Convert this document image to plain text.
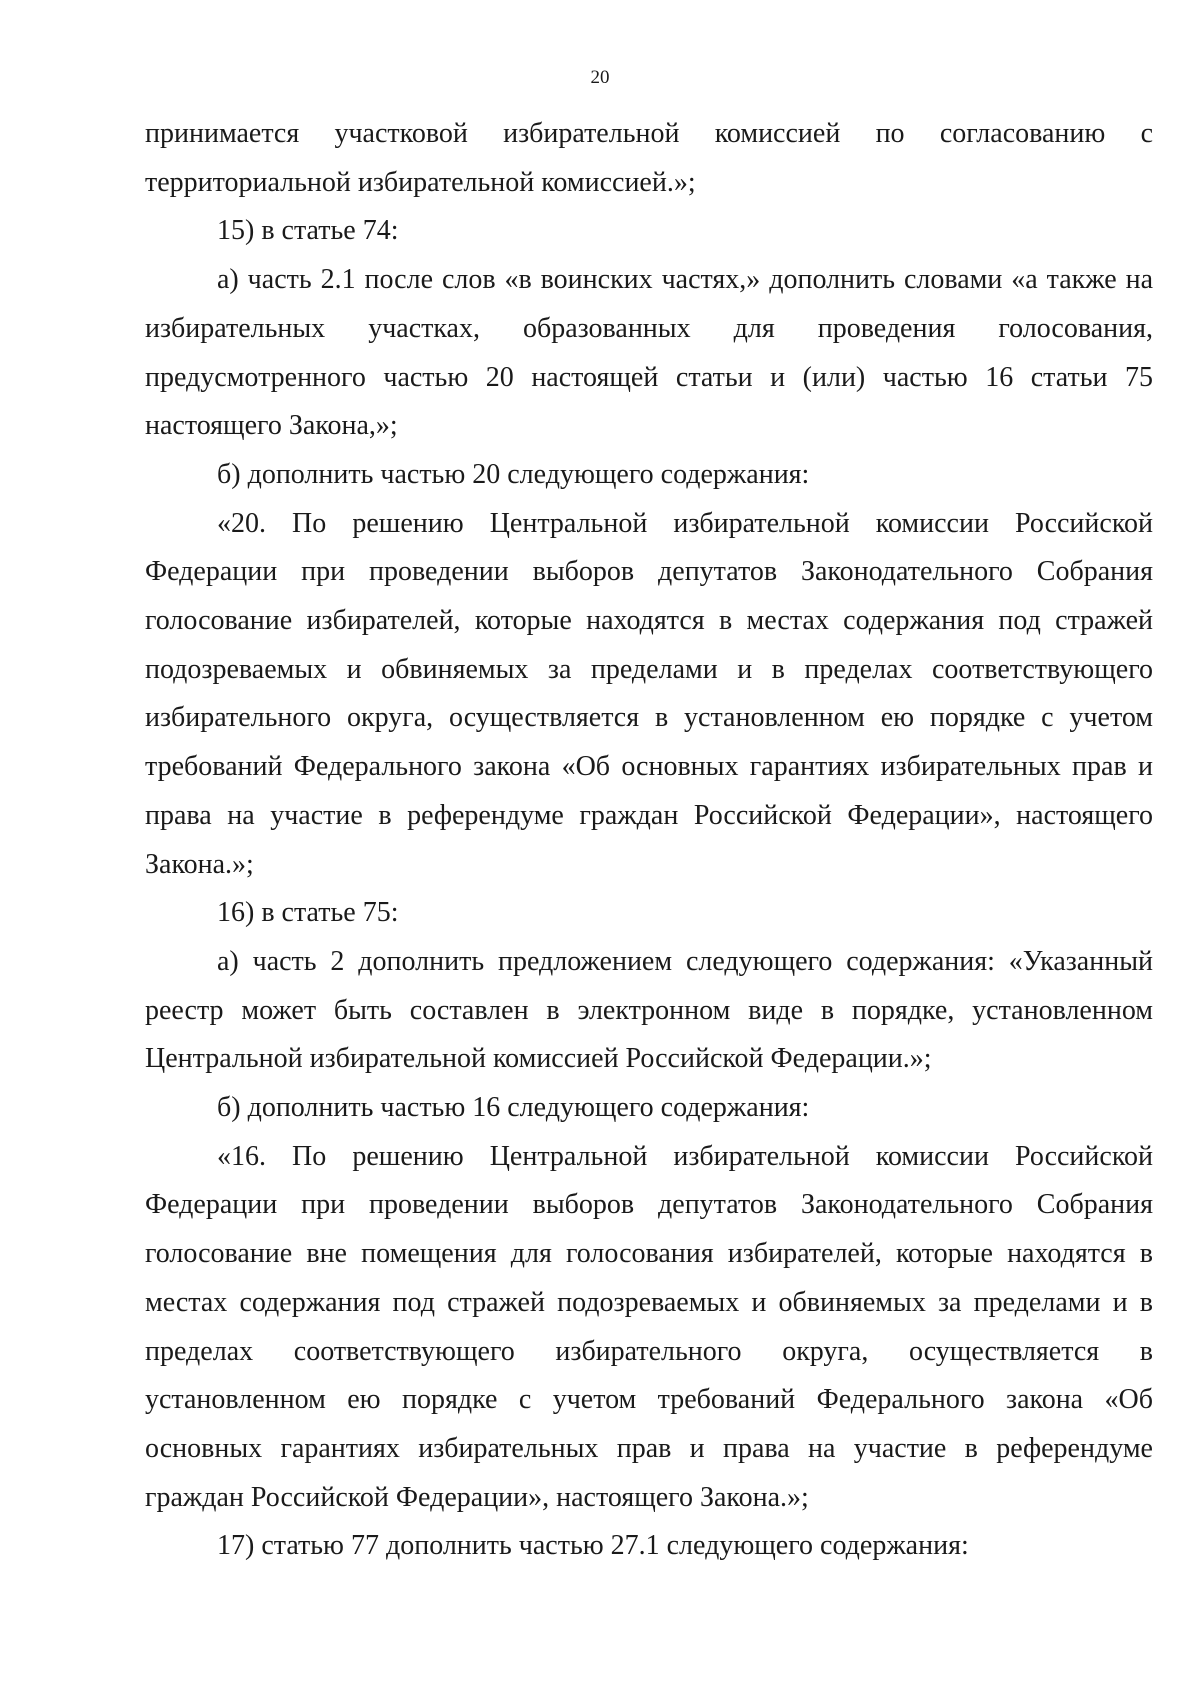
20

принимается участковой избирательной комиссией по согласованию с территориальной избирательной комиссией.»;

15) в статье 74:

а) часть 2.1 после слов «в воинских частях,» дополнить словами «а также на избирательных участках, образованных для проведения голосования, предусмотренного частью 20 настоящей статьи и (или) частью 16 статьи 75 настоящего Закона,»;

б) дополнить частью 20 следующего содержания:

«20. По решению Центральной избирательной комиссии Российской Федерации при проведении выборов депутатов Законодательного Собрания голосование избирателей, которые находятся в местах содержания под стражей подозреваемых и обвиняемых за пределами и в пределах соответствующего избирательного округа, осуществляется в установленном ею порядке с учетом требований Федерального закона «Об основных гарантиях избирательных прав и права на участие в референдуме граждан Российской Федерации», настоящего Закона.»;

16) в статье 75:

а) часть 2 дополнить предложением следующего содержания: «Указанный реестр может быть составлен в электронном виде в порядке, установленном Центральной избирательной комиссией Российской Федерации.»;

б) дополнить частью 16 следующего содержания:

«16. По решению Центральной избирательной комиссии Российской Федерации при проведении выборов депутатов Законодательного Собрания голосование вне помещения для голосования избирателей, которые находятся в местах содержания под стражей подозреваемых и обвиняемых за пределами и в пределах соответствующего избирательного округа, осуществляется в установленном ею порядке с учетом требований Федерального закона «Об основных гарантиях избирательных прав и права на участие в референдуме граждан Российской Федерации», настоящего Закона.»;

17) статью 77 дополнить частью 27.1 следующего содержания:
